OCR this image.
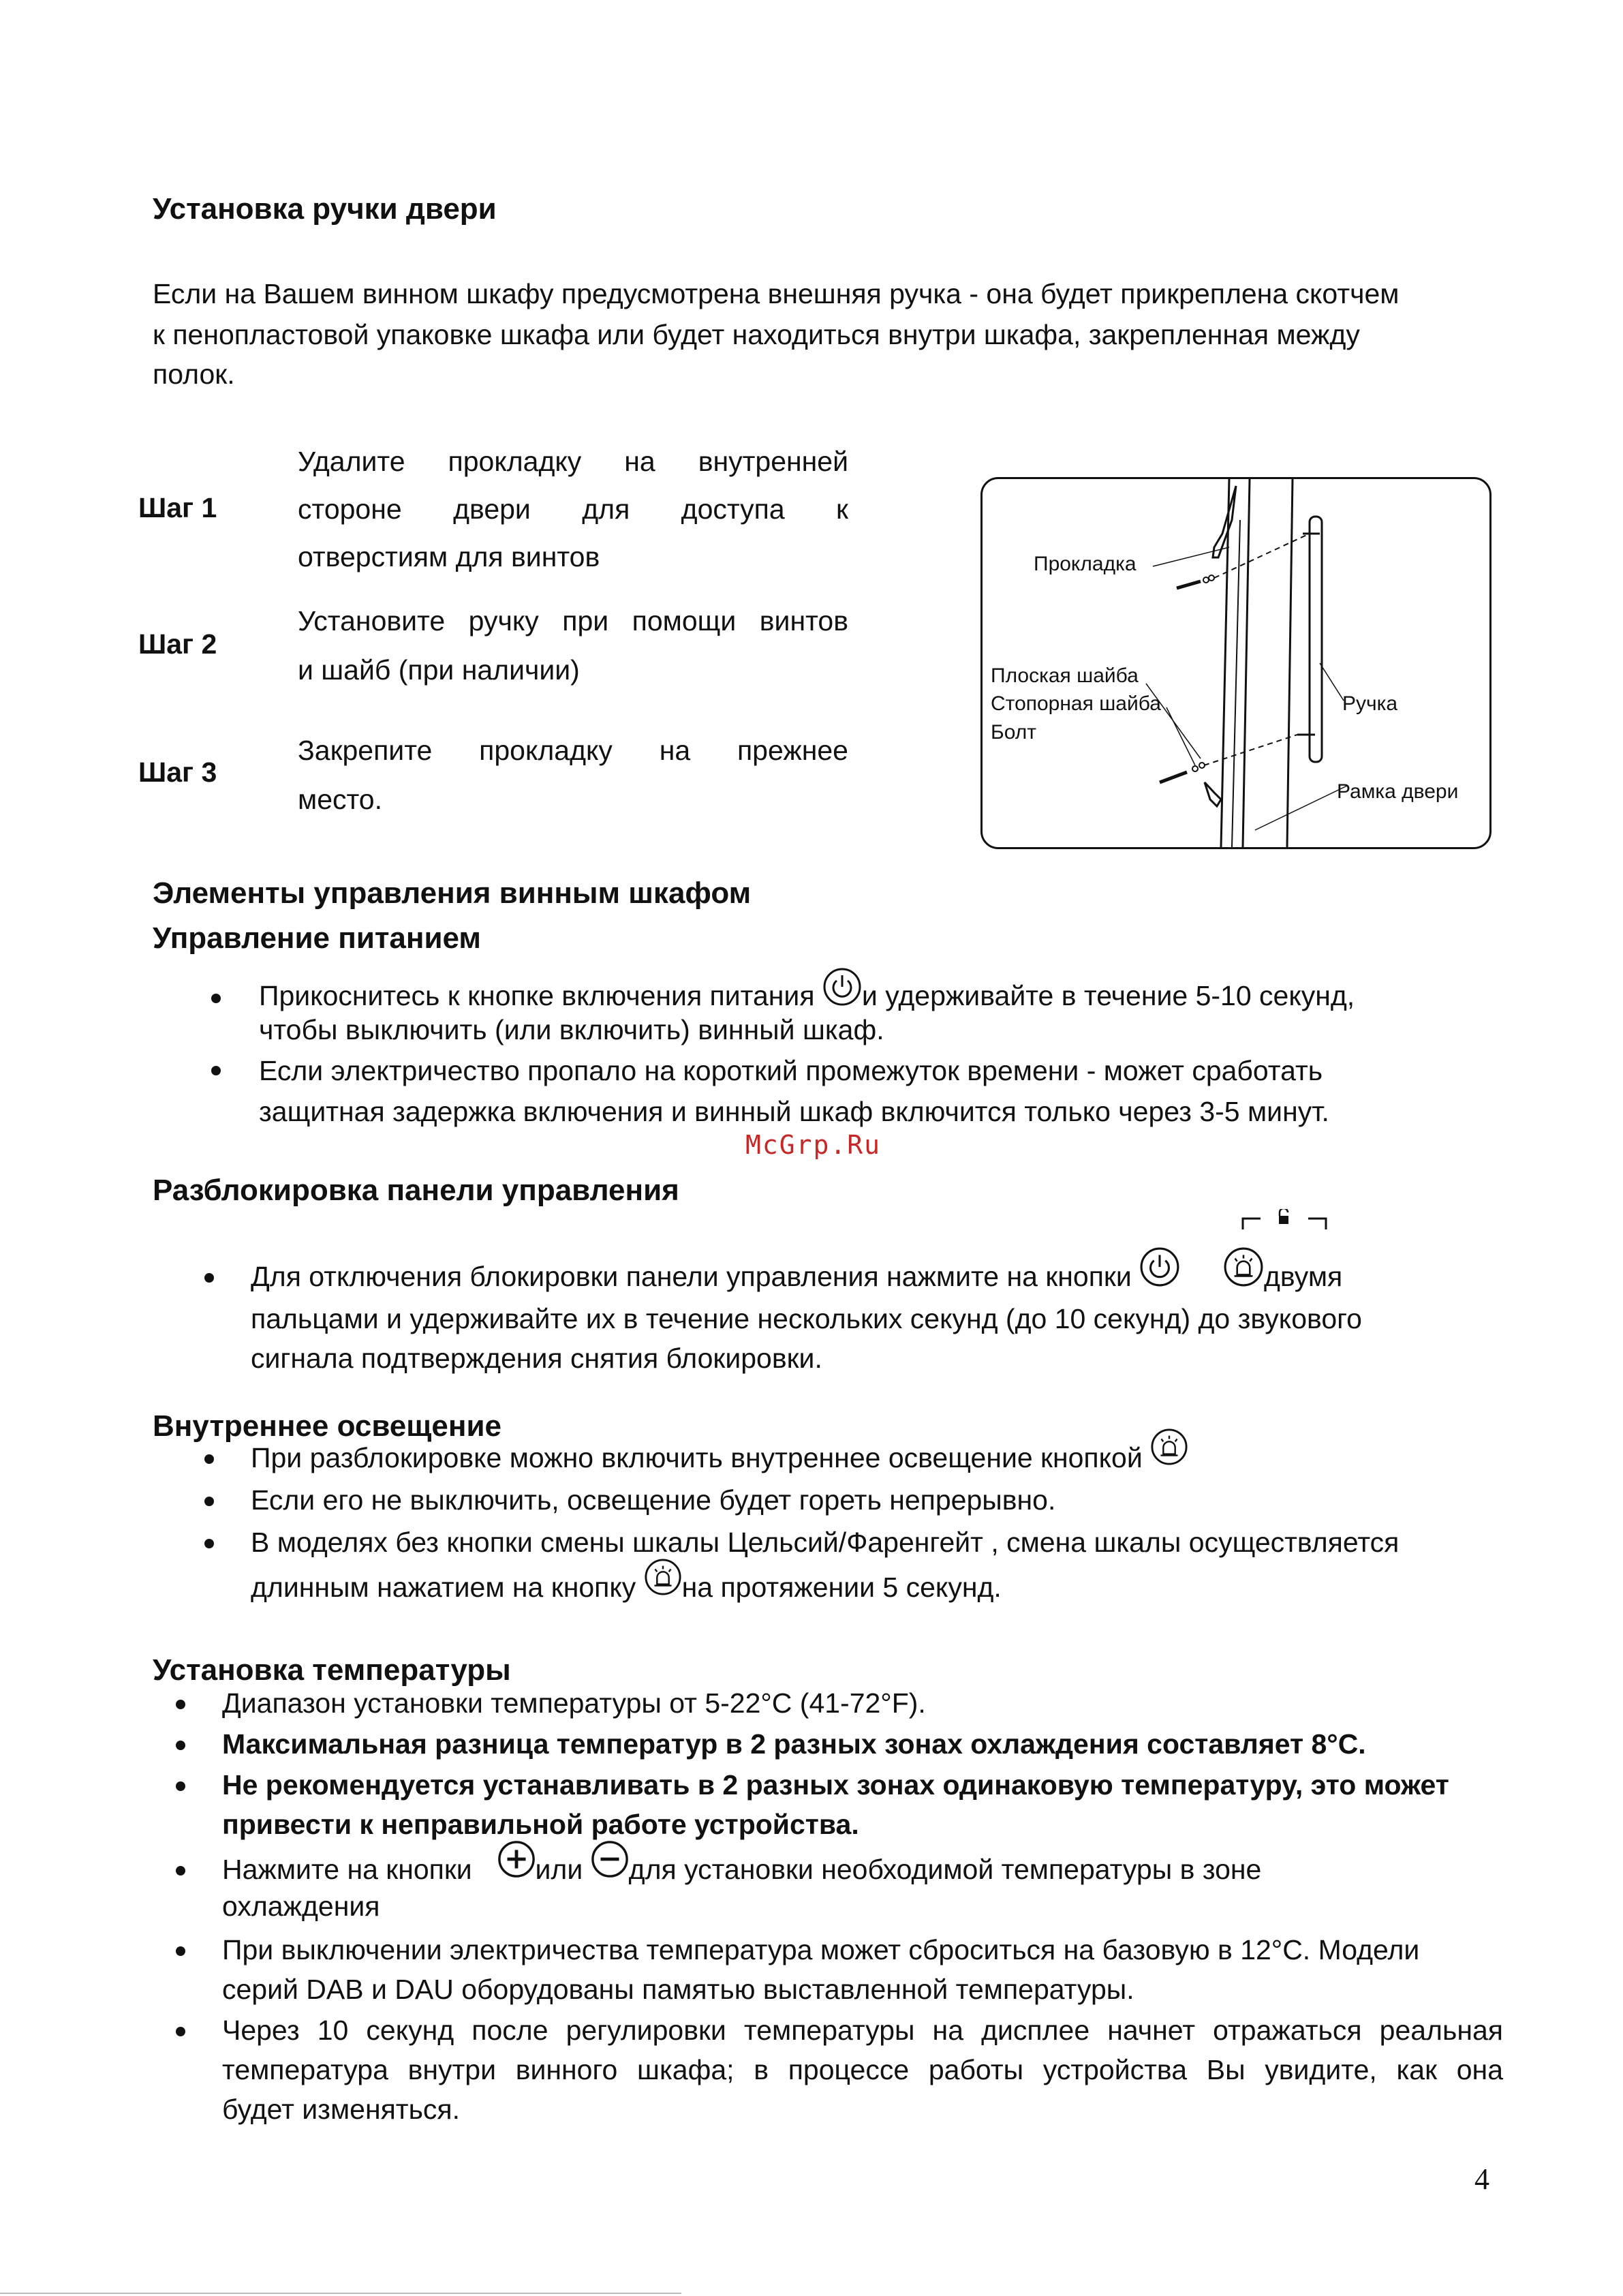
Установка ручки двери
Если на Вашем винном шкафу предусмотрена внешняя ручка - она будет прикреплена скотчем
к пенопластовой упаковке шкафа или будет находиться внутри шкафа, закрепленная между
полок.
Шаг 1
Удалите прокладку на внутренней
стороне двери для доступа к
отверстиям для винтов
Шаг 2
Установите ручку при помощи винтов
и шайб (при наличии)
Шаг 3
Закрепите прокладку на прежнее
место.
Прокладка
Плоская шайба
Стопорная шайба
Болт
Ручка
Рамка двери
Элементы управления винным шкафом
Управление питанием
Прикоснитесь к кнопке включения питания и удерживайте в течение 5-10 секунд,
чтобы выключить (или включить) винный шкаф.
Если электричество пропало на короткий промежуток времени - может сработать
защитная задержка включения и винный шкаф включится только через 3-5 минут.
McGrp.Ru
Разблокировка панели управления
Для отключения блокировки панели управления нажмите на кнопки	двумя
пальцами и удерживайте их в течение нескольких секунд (до 10 секунд) до звукового
сигнала подтверждения снятия блокировки.
Внутреннее освещение
При разблокировке можно включить внутреннее освещение кнопкой
Если его не выключить, освещение будет гореть непрерывно.
В моделях без кнопки смены шкалы Цельсий/Фаренгейт , смена шкалы осуществляется
длинным нажатием на кнопку на протяжении 5 секунд.
Установка температуры
Диапазон установки температуры от 5-22°C (41-72°F).
Максимальная разница температур в 2 разных зонах охлаждения составляет 8°C.
Не рекомендуется устанавливать в 2 разных зонах одинаковую температуру, это может
привести к неправильной работе устройства.
Нажмите на кнопки или для установки необходимой температуры в зоне
охлаждения
При выключении электричества температура может сброситься на базовую в 12°C. Модели
серий DAB и DAU оборудованы памятью выставленной температуры.
Через 10 секунд после регулировки температуры на дисплее начнет отражаться реальная
температура внутри винного шкафа; в процессе работы устройства Вы увидите, как она
будет изменяться.
4
